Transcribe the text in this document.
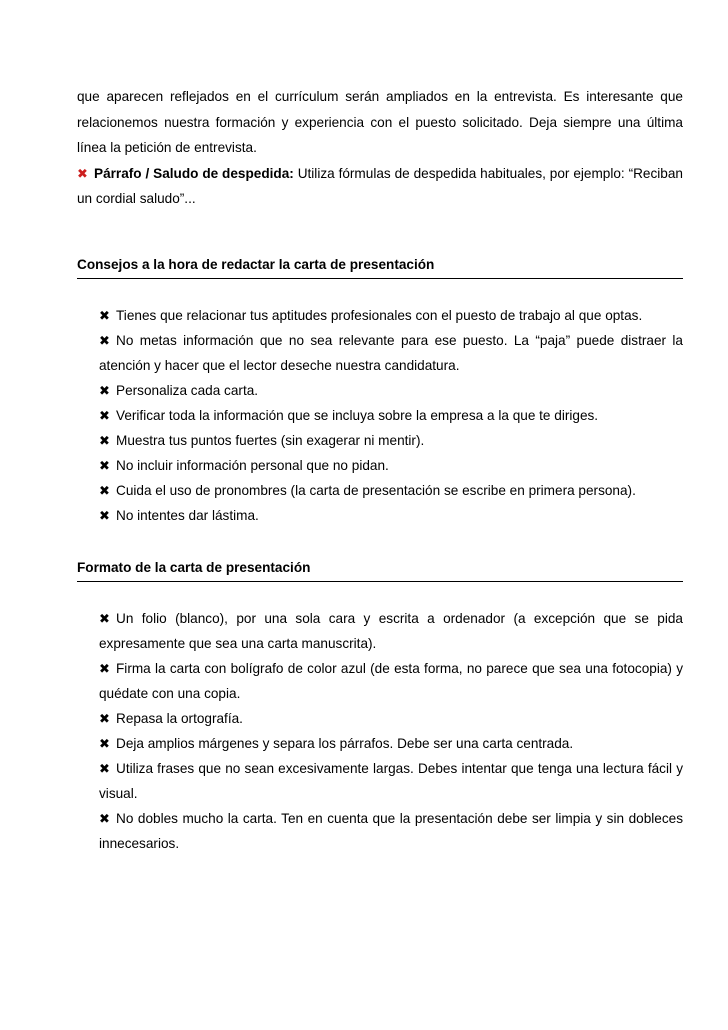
que aparecen reflejados en el currículum serán ampliados en la entrevista. Es interesante que relacionemos nuestra formación y experiencia con el puesto solicitado. Deja siempre una última línea la petición de entrevista.

✖ Párrafo / Saludo de despedida: Utiliza fórmulas de despedida habituales, por ejemplo: “Reciban un cordial saludo”...

Consejos a la hora de redactar la carta de presentación
✖ Tienes que relacionar tus aptitudes profesionales con el puesto de trabajo al que optas.
✖ No metas información que no sea relevante para ese puesto. La “paja” puede distraer la atención y hacer que el lector deseche nuestra candidatura.
✖ Personaliza cada carta.
✖ Verificar toda la información que se incluya sobre la empresa a la que te diriges.
✖ Muestra tus puntos fuertes (sin exagerar ni mentir).
✖ No incluir información personal que no pidan.
✖ Cuida el uso de pronombres (la carta de presentación se escribe en primera persona).
✖ No intentes dar lástima.
Formato de la carta de presentación
✖ Un folio (blanco), por una sola cara y escrita a ordenador (a excepción que se pida expresamente que sea una carta manuscrita).
✖ Firma la carta con bolígrafo de color azul (de esta forma, no parece que sea una fotocopia) y quédate con una copia.
✖ Repasa la ortografía.
✖ Deja amplios márgenes y separa los párrafos. Debe ser una carta centrada.
✖ Utiliza frases que no sean excesivamente largas. Debes intentar que tenga una lectura fácil y visual.
✖ No dobles mucho la carta. Ten en cuenta que la presentación debe ser limpia y sin dobleces innecesarios.
